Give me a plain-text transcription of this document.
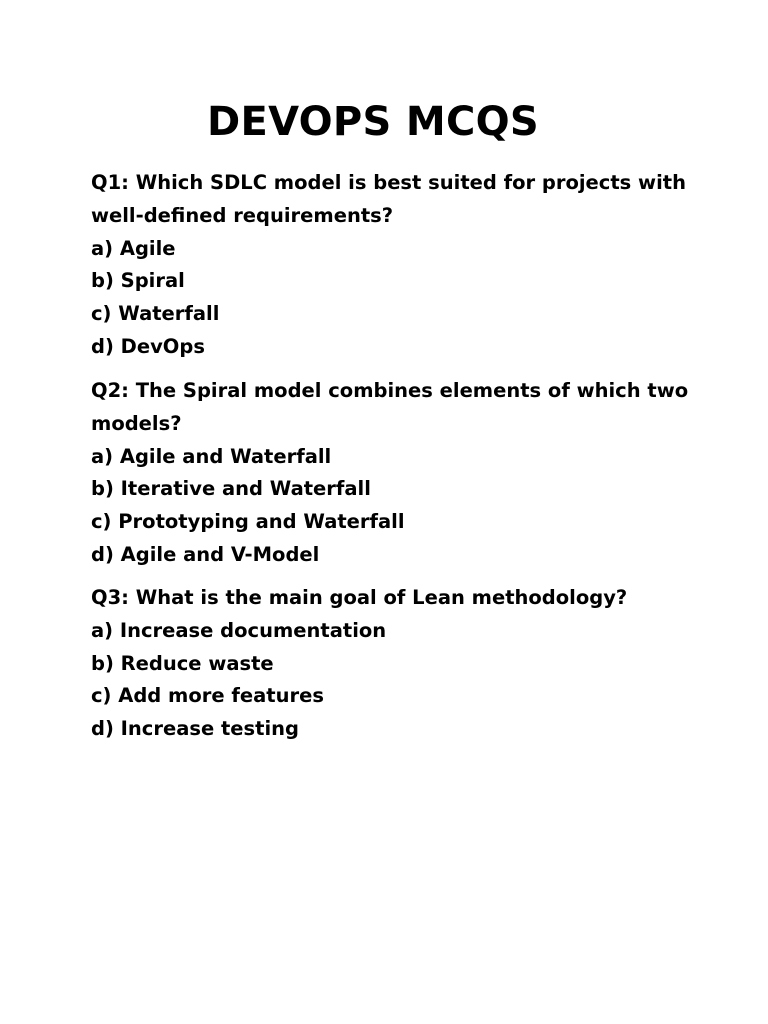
DEVOPS MCQS
Q1: Which SDLC model is best suited for projects with
well-defined requirements?
a) Agile
b) Spiral
c) Waterfall
d) DevOps
Q2: The Spiral model combines elements of which two
models?
a) Agile and Waterfall
b) Iterative and Waterfall
c) Prototyping and Waterfall
d) Agile and V-Model
Q3: What is the main goal of Lean methodology?
a) Increase documentation
b) Reduce waste
c) Add more features
d) Increase testing
